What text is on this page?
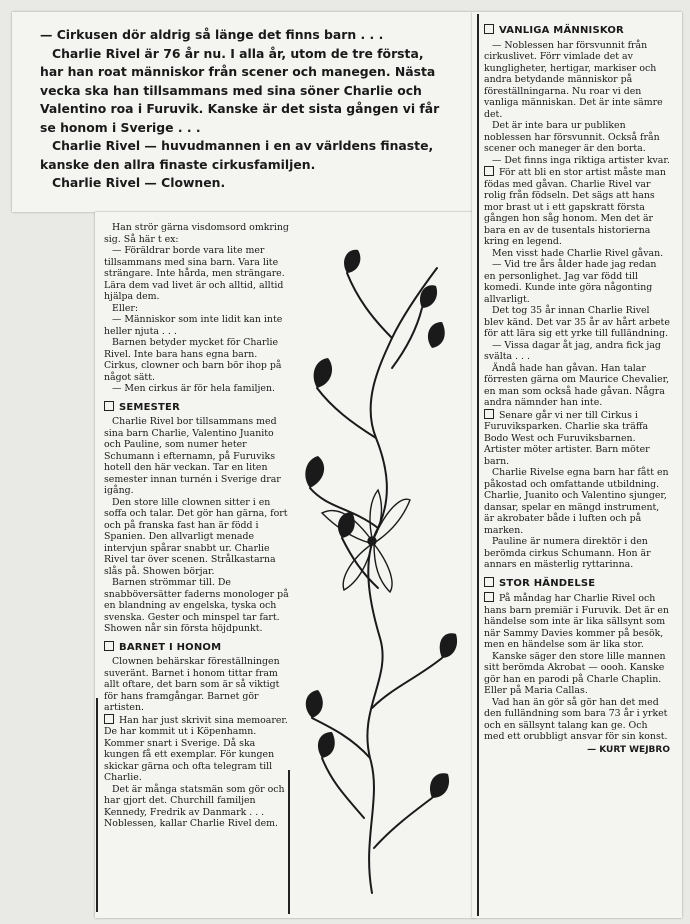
— Cirkusen dör aldrig så länge det finns barn . . .

Charlie Rivel är 76 år nu. I alla år, utom de tre första, har han roat människor från scener och manegen. Nästa vecka ska han tillsammans med sina söner Charlie och Valentino roa i Furuvik. Kanske är det sista gången vi får se honom i Sverige . . .

Charlie Rivel — huvudmannen i en av världens finaste, kanske den allra finaste cirkusfamiljen.

Charlie Rivel — Clownen.

Han strör gärna visdomsord omkring sig. Så här t ex:

— Föräldrar borde vara lite mer tillsammans med sina barn. Vara lite strängare. Inte hårda, men strängare. Lära dem vad livet är och alltid, alltid hjälpa dem.

Eller:

— Människor som inte lidit kan inte heller njuta . . .

Barnen betyder mycket för Charlie Rivel. Inte bara hans egna barn. Cirkus, clowner och barn bör ihop på något sätt.

— Men cirkus är för hela familjen.

SEMESTER

Charlie Rivel bor tillsammans med sina barn Charlie, Valentino Juanito och Pauline, som numer heter Schumann i efternamn, på Furuviks hotell den här veckan. Tar en liten semester innan turnén i Sverige drar igång.

Den store lille clownen sitter i en soffa och talar. Det gör han gärna, fort och på franska fast han är född i Spanien. Den allvarligt menade intervjun spårar snabbt ur. Charlie Rivel tar över scenen. Strålkastarna slås på. Showen börjar.

Barnen strömmar till. De snabböversätter faderns monologer på en blandning av engelska, tyska och svenska. Gester och minspel tar fart. Showen når sin första höjdpunkt.

BARNET I HONOM

Clownen behärskar föreställningen suveränt. Barnet i honom tittar fram allt oftare, det barn som är så viktigt för hans framgångar. Barnet gör artisten.

Han har just skrivit sina memoarer. De har kommit ut i Köpenhamn. Kommer snart i Sverige. Då ska kungen få ett exemplar. För kungen skickar gärna och ofta telegram till Charlie.

Det är många statsmän som gör och har gjort det. Churchill familjen Kennedy, Fredrik av Danmark . . . Noblessen, kallar Charlie Rivel dem.

VANLIGA MÄNNISKOR

— Noblessen har försvunnit från cirkuslivet. Förr vimlade det av kungligheter, hertigar, markiser och andra betydande människor på föreställningarna. Nu roar vi den vanliga människan. Det är inte sämre det.

Det är inte bara ur publiken noblessen har försvunnit. Också från scener och maneger är den borta.

— Det finns inga riktiga artister kvar.

För att bli en stor artist måste man födas med gåvan. Charlie Rivel var rolig från födseln. Det sägs att hans mor brast ut i ett gapskratt första gången hon såg honom. Men det är bara en av de tusentals historierna kring en legend.

Men visst hade Charlie Rivel gåvan.

— Vid tre års ålder hade jag redan en personlighet. Jag var född till komedi. Kunde inte göra någonting allvarligt.

Det tog 35 år innan Charlie Rivel blev känd. Det var 35 år av hårt arbete för att lära sig ett yrke till fulländning.

— Vissa dagar åt jag, andra fick jag svälta . . .

Ändå hade han gåvan. Han talar förresten gärna om Maurice Chevalier, en man som också hade gåvan. Några andra nämnder han inte.

Senare går vi ner till Cirkus i Furuviksparken. Charlie ska träffa Bodo West och Furuviksbarnen. Artister möter artister. Barn möter barn.

Charlie Rivelse egna barn har fått en påkostad och omfattande utbildning. Charlie, Juanito och Valentino sjunger, dansar, spelar en mängd instrument, är akrobater både i luften och på marken.

Pauline är numera direktör i den berömda cirkus Schumann. Hon är annars en mästerlig ryttarinna.

STOR HÄNDELSE

På måndag har Charlie Rivel och hans barn premiär i Furuvik. Det är en händelse som inte är lika sällsynt som när Sammy Davies kommer på besök, men en händelse som är lika stor.

Kanske säger den store lille mannen sitt berömda Akrobat — oooh. Kanske gör han en parodi på Charle Chaplin. Eller på Maria Callas.

Vad han än gör så gör han det med den fulländning som bara 73 år i yrket och en sällsynt talang kan ge. Och med ett orubbligt ansvar för sin konst.

— KURT WEJBRO
